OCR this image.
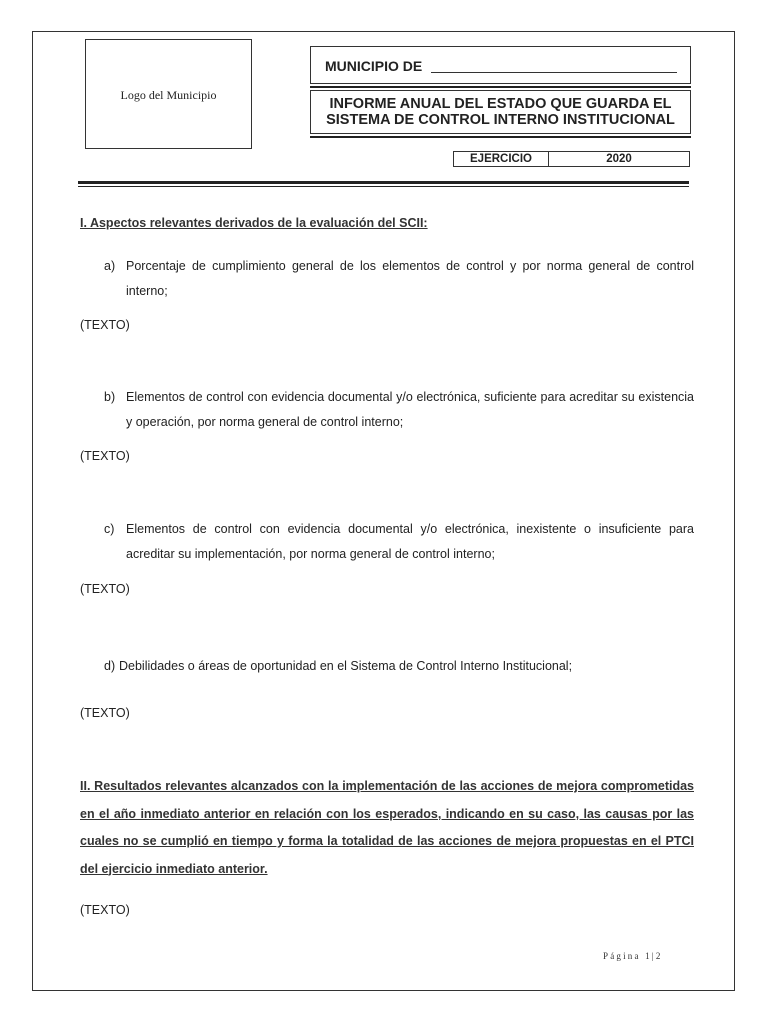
Logo del Municipio
MUNICIPIO DE
INFORME ANUAL DEL ESTADO QUE GUARDA EL
SISTEMA DE CONTROL INTERNO INSTITUCIONAL
EJERCICIO	2020
I. Aspectos relevantes derivados de la evaluación del SCII:
a) Porcentaje de cumplimiento general de los elementos de control y por norma general de control interno;
(TEXTO)
b) Elementos de control con evidencia documental y/o electrónica, suficiente para acreditar su existencia y operación, por norma general de control interno;
(TEXTO)
c) Elementos de control con evidencia documental y/o electrónica, inexistente o insuficiente para acreditar su implementación, por norma general de control interno;
(TEXTO)
d) Debilidades o áreas de oportunidad en el Sistema de Control Interno Institucional;
(TEXTO)
II. Resultados relevantes alcanzados con la implementación de las acciones de mejora comprometidas en el año inmediato anterior en relación con los esperados, indicando en su caso, las causas por las cuales no se cumplió en tiempo y forma la totalidad de las acciones de mejora propuestas en el PTCI del ejercicio inmediato anterior.
(TEXTO)
Página 1|2
